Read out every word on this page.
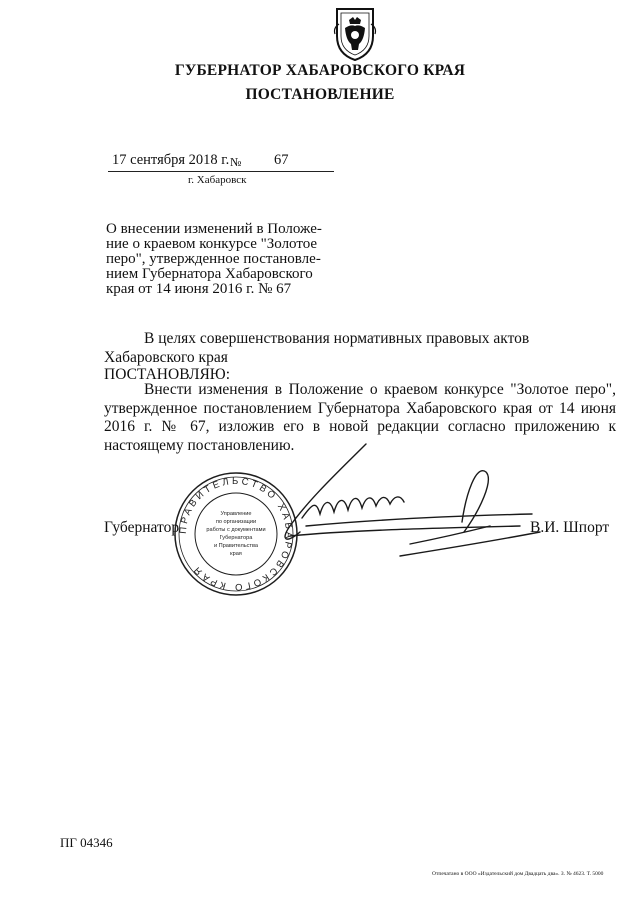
ГУБЕРНАТОР ХАБАРОВСКОГО КРАЯ
ПОСТАНОВЛЕНИЕ
17 сентября 2018 г. № 67
г. Хабаровск
О внесении изменений в Положе-
ние о краевом конкурсе "Золотое
перо", утвержденное постановле-
нием Губернатора Хабаровского
края от 14 июня 2016 г. № 67
В целях совершенствования нормативных правовых актов Хабаровского края
ПОСТАНОВЛЯЮ:
Внести изменения в Положение о краевом конкурсе "Золотое перо", утвержденное постановлением Губернатора Хабаровского края от 14 июня 2016 г. № 67, изложив его в новой редакции согласно приложению к настоящему постановлению.
Губернатор	В.И. Шпорт
ПРАВИТЕЛЬСТВО ХАБАРОВСКОГО КРАЯ
Управление
по организации
работы с документами
Губернатора
и Правительства
края
ПГ 04346
Отпечатано в ООО «Издательский дом Двадцать два». З. № 4623. Т. 5000
